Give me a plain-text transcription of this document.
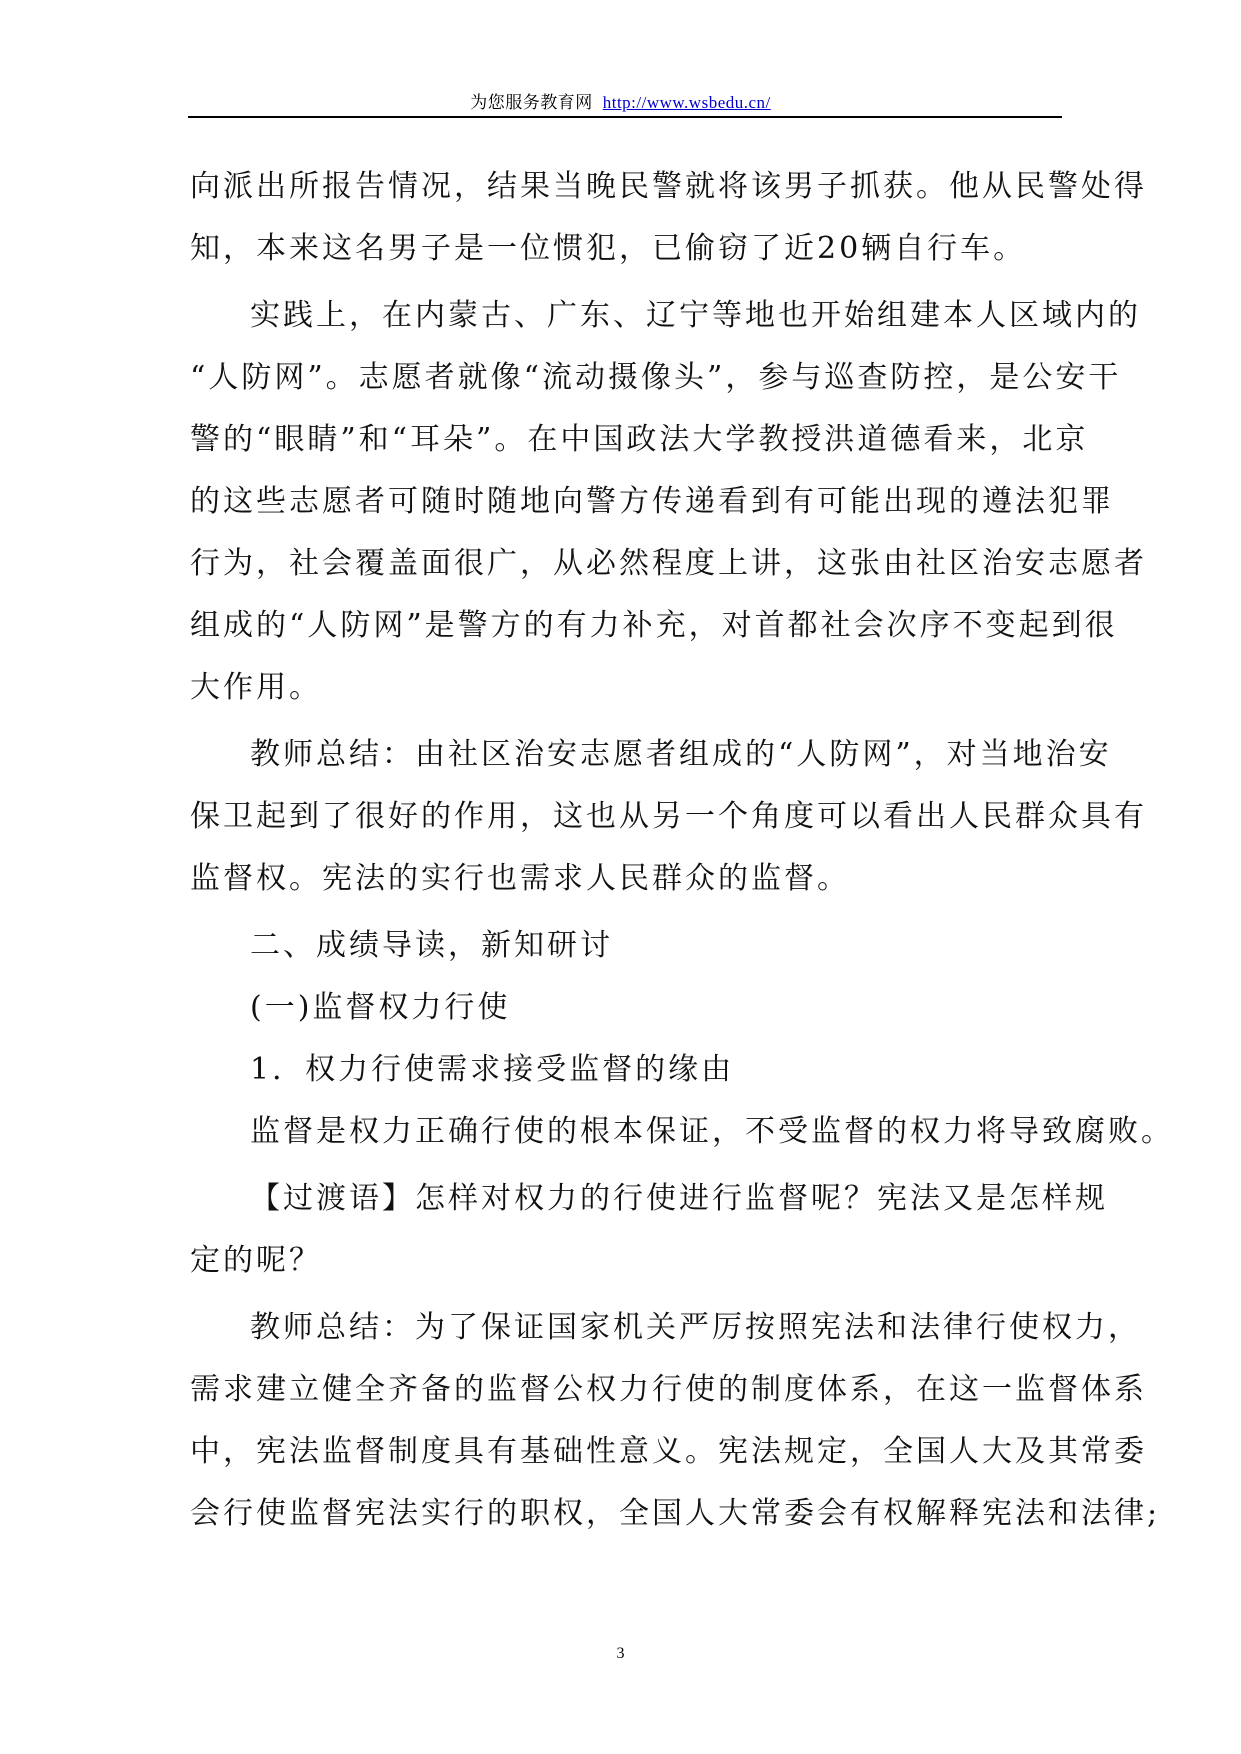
为您服务教育网 http://www.wsbedu.cn/
向派出所报告情况，结果当晚民警就将该男子抓获。他从民警处得
知，本来这名男子是一位惯犯，已偷窃了近20辆自行车。
实践上，在内蒙古、广东、辽宁等地也开始组建本人区域内的
“人防网”。志愿者就像“流动摄像头”，参与巡查防控，是公安干
警的“眼睛”和“耳朵”。在中国政法大学教授洪道德看来，北京
的这些志愿者可随时随地向警方传递看到有可能出现的遵法犯罪
行为，社会覆盖面很广，从必然程度上讲，这张由社区治安志愿者
组成的“人防网”是警方的有力补充，对首都社会次序不变起到很
大作用。
教师总结：由社区治安志愿者组成的“人防网”，对当地治安
保卫起到了很好的作用，这也从另一个角度可以看出人民群众具有
监督权。宪法的实行也需求人民群众的监督。
二、成绩导读，新知研讨
(一)监督权力行使
1．权力行使需求接受监督的缘由
监督是权力正确行使的根本保证，不受监督的权力将导致腐败。
【过渡语】怎样对权力的行使进行监督呢？宪法又是怎样规
定的呢？
教师总结：为了保证国家机关严厉按照宪法和法律行使权力，
需求建立健全齐备的监督公权力行使的制度体系，在这一监督体系
中，宪法监督制度具有基础性意义。宪法规定，全国人大及其常委
会行使监督宪法实行的职权，全国人大常委会有权解释宪法和法律;
3
